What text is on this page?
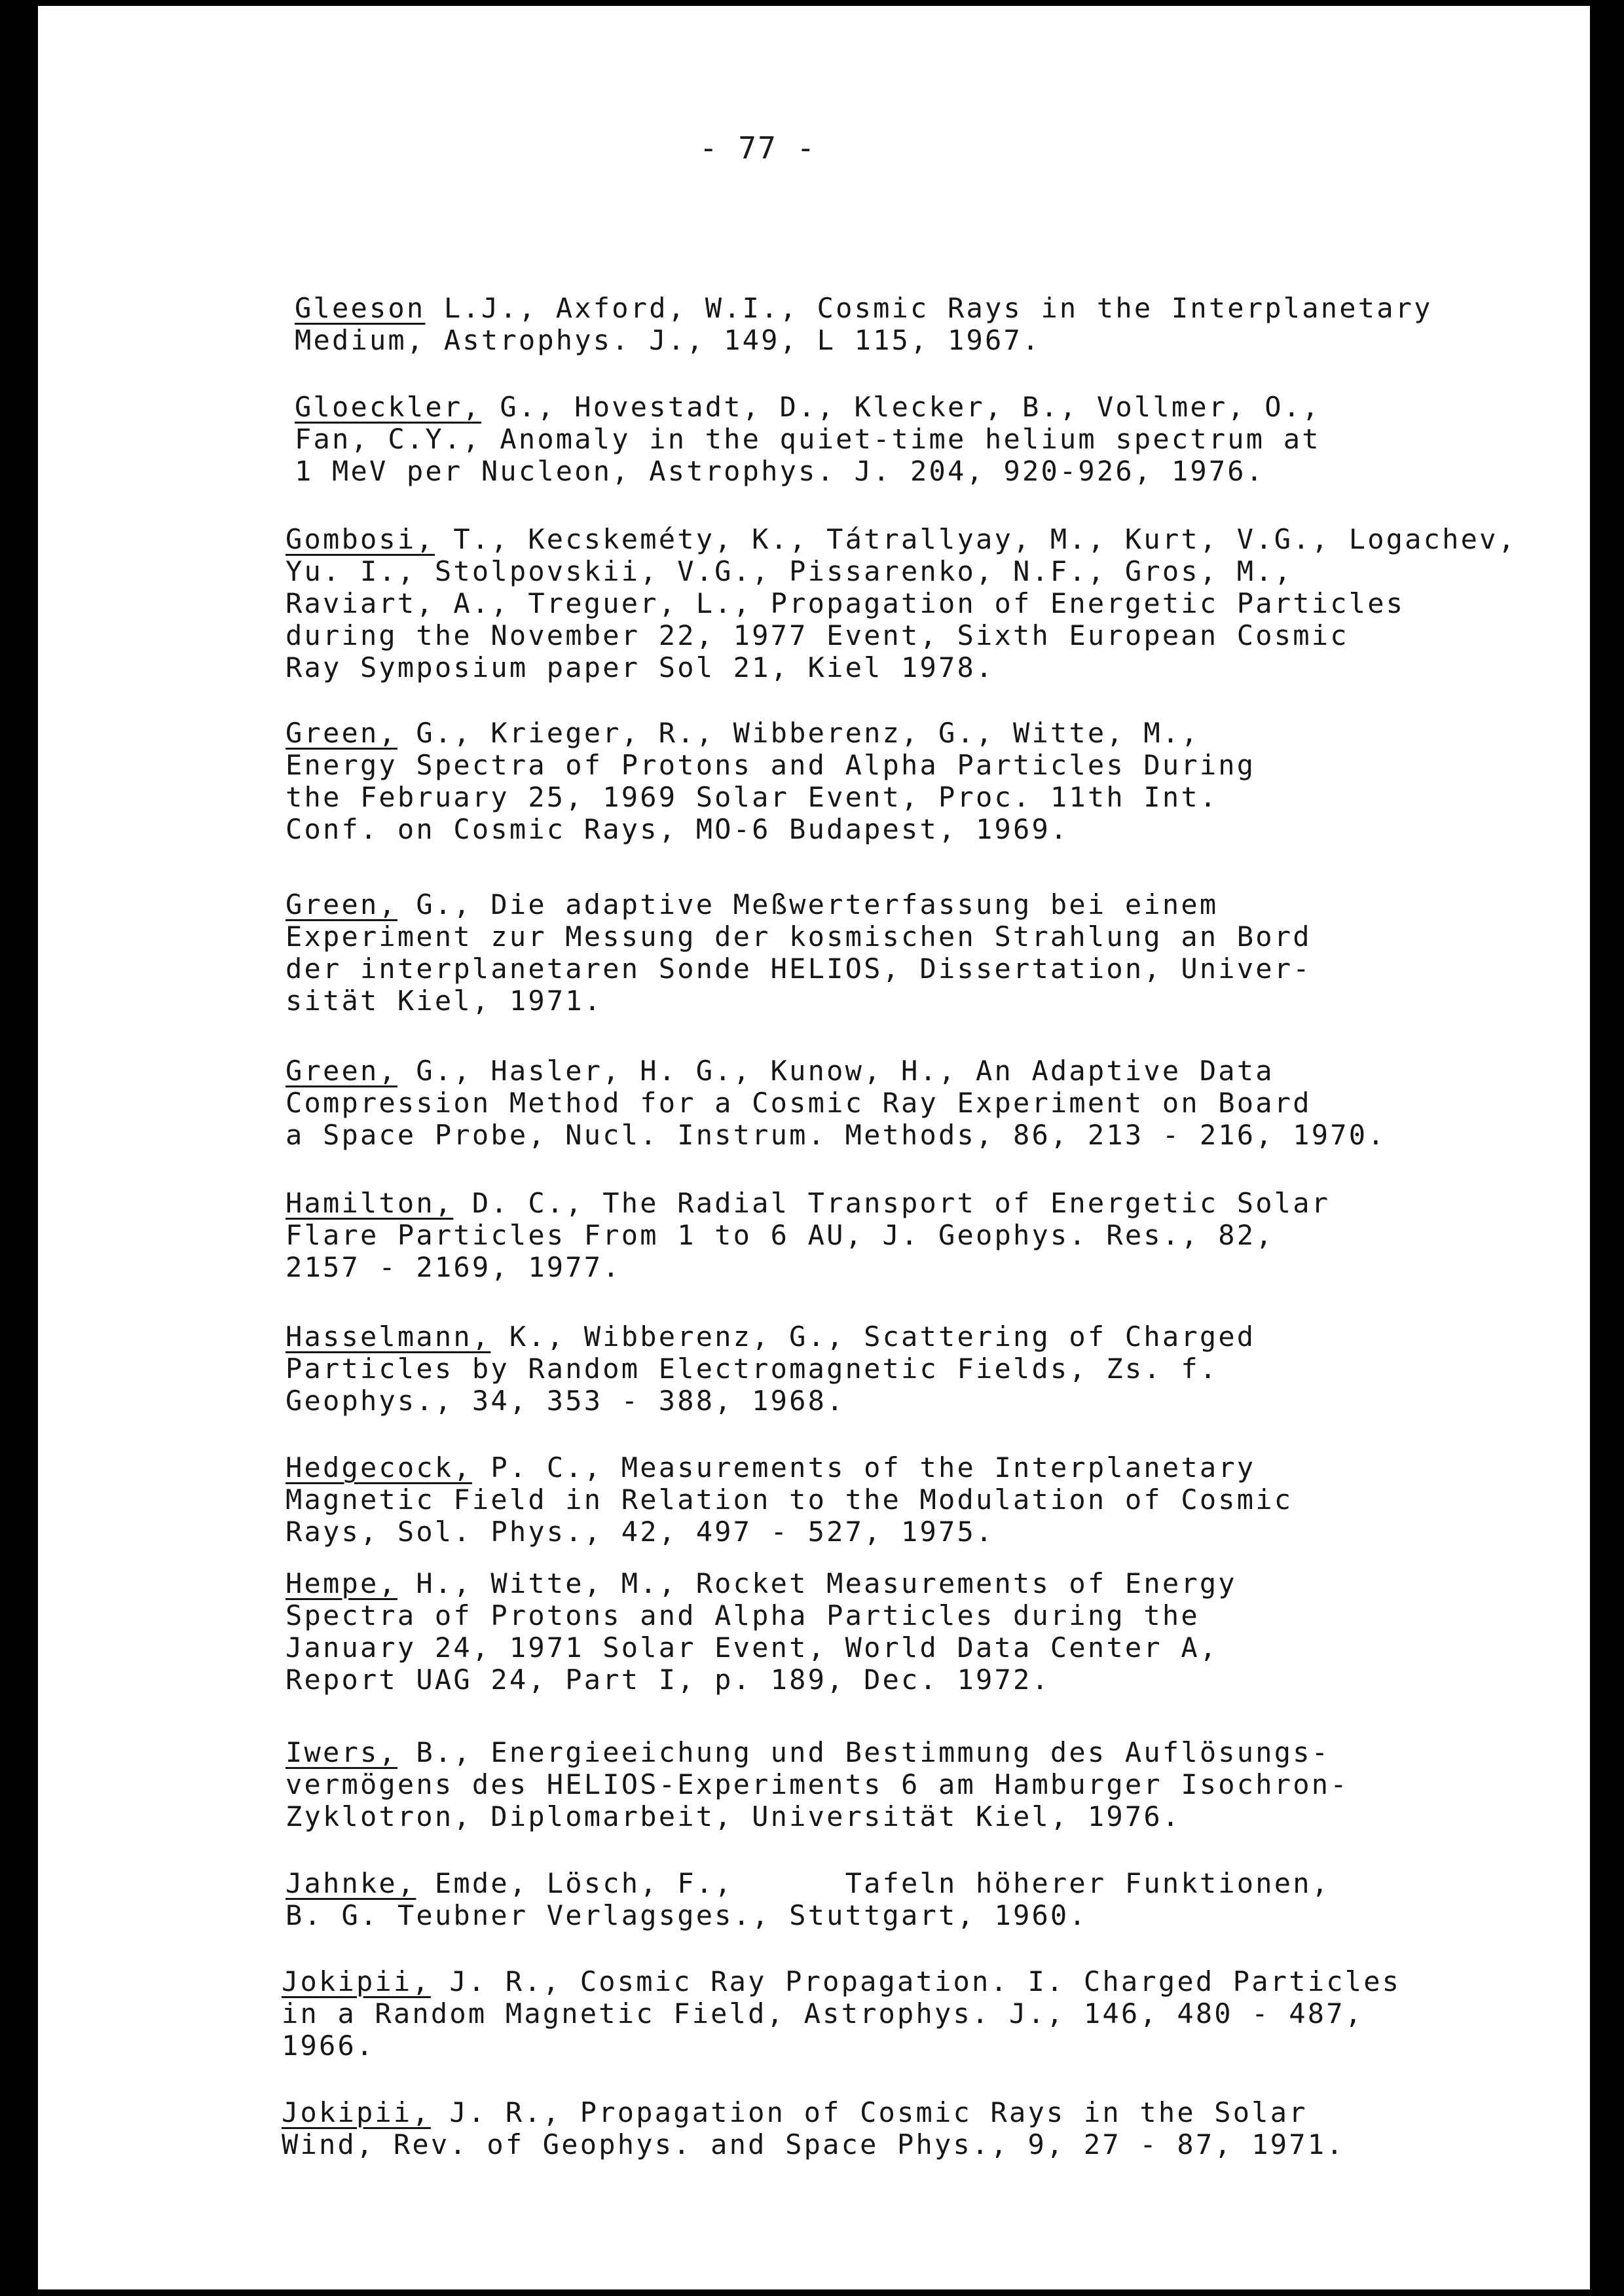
- 77 -
Gleeson L.J., Axford, W.I., Cosmic Rays in the Interplanetary
Medium, Astrophys. J., 149, L 115, 1967.
Gloeckler, G., Hovestadt, D., Klecker, B., Vollmer, O.,
Fan, C.Y., Anomaly in the quiet-time helium spectrum at
1 MeV per Nucleon, Astrophys. J. 204, 920-926, 1976.
Gombosi, T., Kecskeméty, K., Tátrallyay, M., Kurt, V.G., Logachev,
Yu. I., Stolpovskii, V.G., Pissarenko, N.F., Gros, M.,
Raviart, A., Treguer, L., Propagation of Energetic Particles
during the November 22, 1977 Event, Sixth European Cosmic
Ray Symposium paper Sol 21, Kiel 1978.
Green, G., Krieger, R., Wibberenz, G., Witte, M.,
Energy Spectra of Protons and Alpha Particles During
the February 25, 1969 Solar Event, Proc. 11th Int.
Conf. on Cosmic Rays, MO-6 Budapest, 1969.
Green, G., Die adaptive Meßwerterfassung bei einem
Experiment zur Messung der kosmischen Strahlung an Bord
der interplanetaren Sonde HELIOS, Dissertation, Univer-
sität Kiel, 1971.
Green, G., Hasler, H. G., Kunow, H., An Adaptive Data
Compression Method for a Cosmic Ray Experiment on Board
a Space Probe, Nucl. Instrum. Methods, 86, 213 - 216, 1970.
Hamilton, D. C., The Radial Transport of Energetic Solar
Flare Particles From 1 to 6 AU, J. Geophys. Res., 82,
2157 - 2169, 1977.
Hasselmann, K., Wibberenz, G., Scattering of Charged
Particles by Random Electromagnetic Fields, Zs. f.
Geophys., 34, 353 - 388, 1968.
Hedgecock, P. C., Measurements of the Interplanetary
Magnetic Field in Relation to the Modulation of Cosmic
Rays, Sol. Phys., 42, 497 - 527, 1975.
Hempe, H., Witte, M., Rocket Measurements of Energy
Spectra of Protons and Alpha Particles during the
January 24, 1971 Solar Event, World Data Center A,
Report UAG 24, Part I, p. 189, Dec. 1972.
Iwers, B., Energieeichung und Bestimmung des Auflösungs-
vermögens des HELIOS-Experiments 6 am Hamburger Isochron-
Zyklotron, Diplomarbeit, Universität Kiel, 1976.
Jahnke, Emde, Lösch, F.,      Tafeln höherer Funktionen,
B. G. Teubner Verlagsges., Stuttgart, 1960.
Jokipii, J. R., Cosmic Ray Propagation. I. Charged Particles
in a Random Magnetic Field, Astrophys. J., 146, 480 - 487,
1966.
Jokipii, J. R., Propagation of Cosmic Rays in the Solar
Wind, Rev. of Geophys. and Space Phys., 9, 27 - 87, 1971.
